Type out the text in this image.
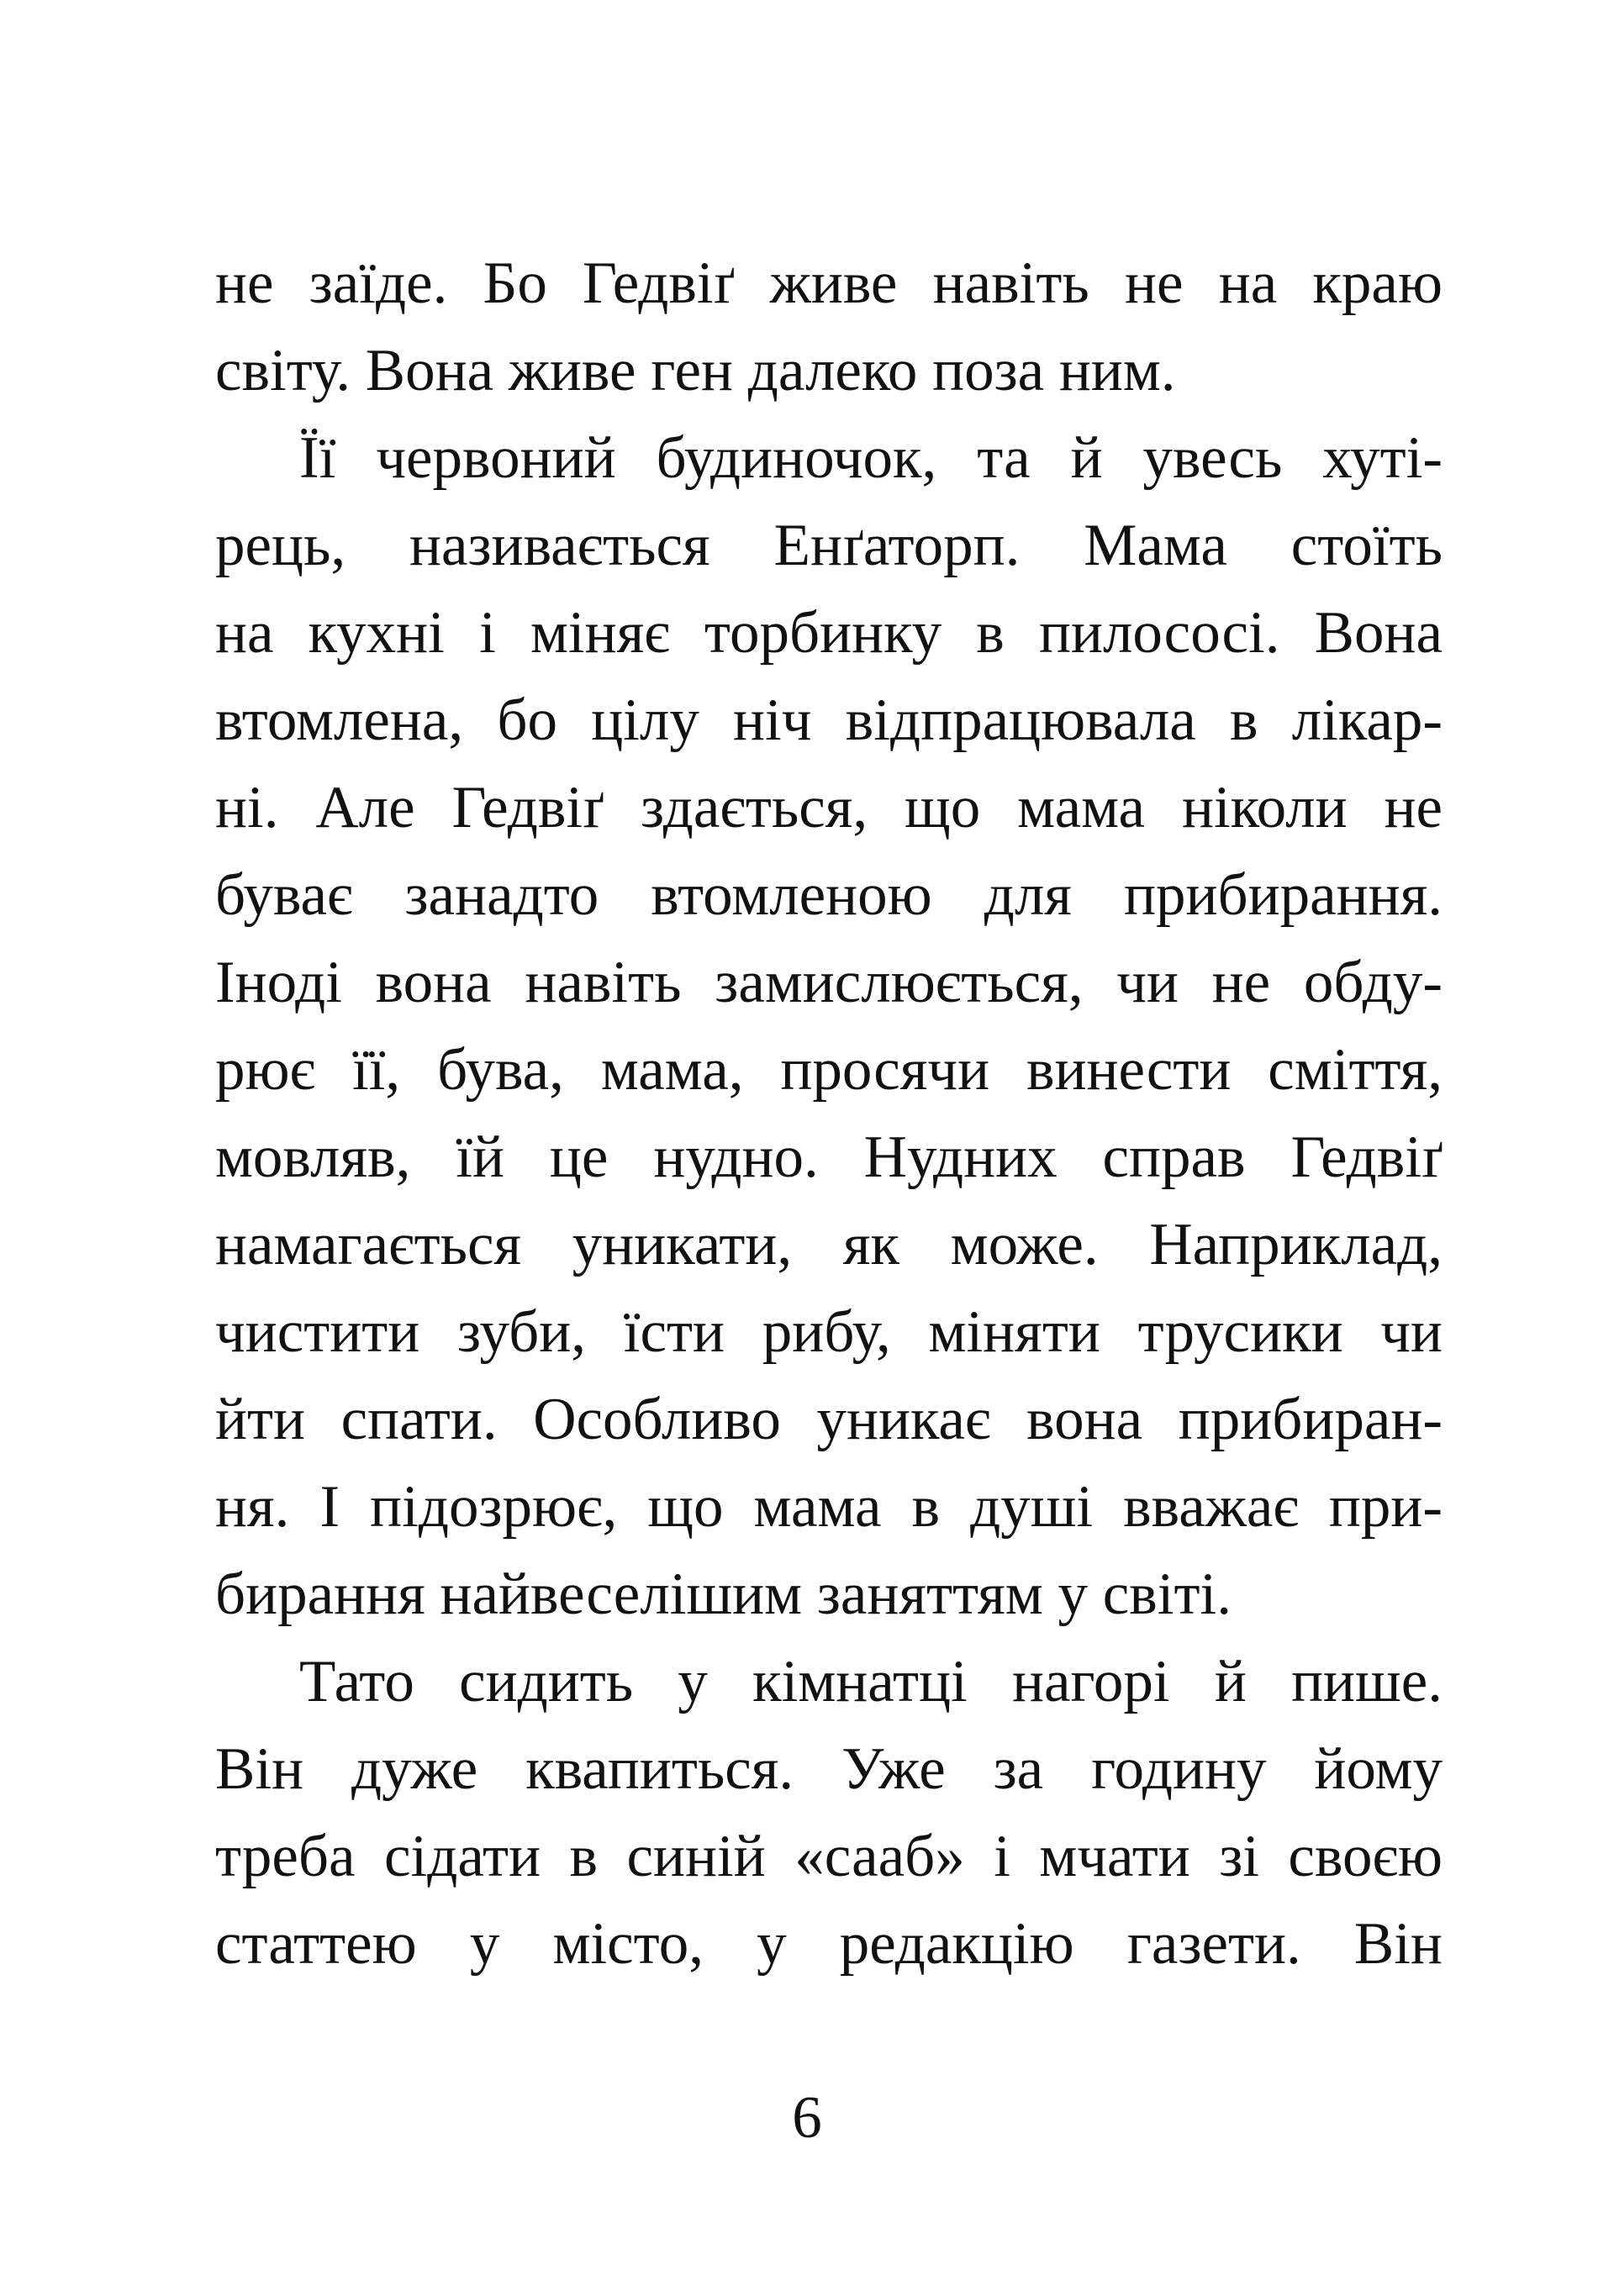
не заїде. Бо Гедвіґ живе навіть не на краю
світу. Вона живе ген далеко поза ним.
Її червоний будиночок, та й увесь хуті-
рець, називається Енґаторп. Мама стоїть
на кухні і міняє торбинку в пилососі. Вона
втомлена, бо цілу ніч відпрацювала в лікар-
ні. Але Гедвіґ здається, що мама ніколи не
буває занадто втомленою для прибирання.
Іноді вона навіть замислюється, чи не обду-
рює її, бува, мама, просячи винести сміття,
мовляв, їй це нудно. Нудних справ Гедвіґ
намагається уникати, як може. Наприклад,
чистити зуби, їсти рибу, міняти трусики чи
йти спати. Особливо уникає вона прибиран-
ня. І підозрює, що мама в душі вважає при-
бирання найвеселішим заняттям у світі.
Тато сидить у кімнатці нагорі й пише.
Він дуже квапиться. Уже за годину йому
треба сідати в синій «сааб» і мчати зі своєю
статтею у місто, у редакцію газети. Він
6
